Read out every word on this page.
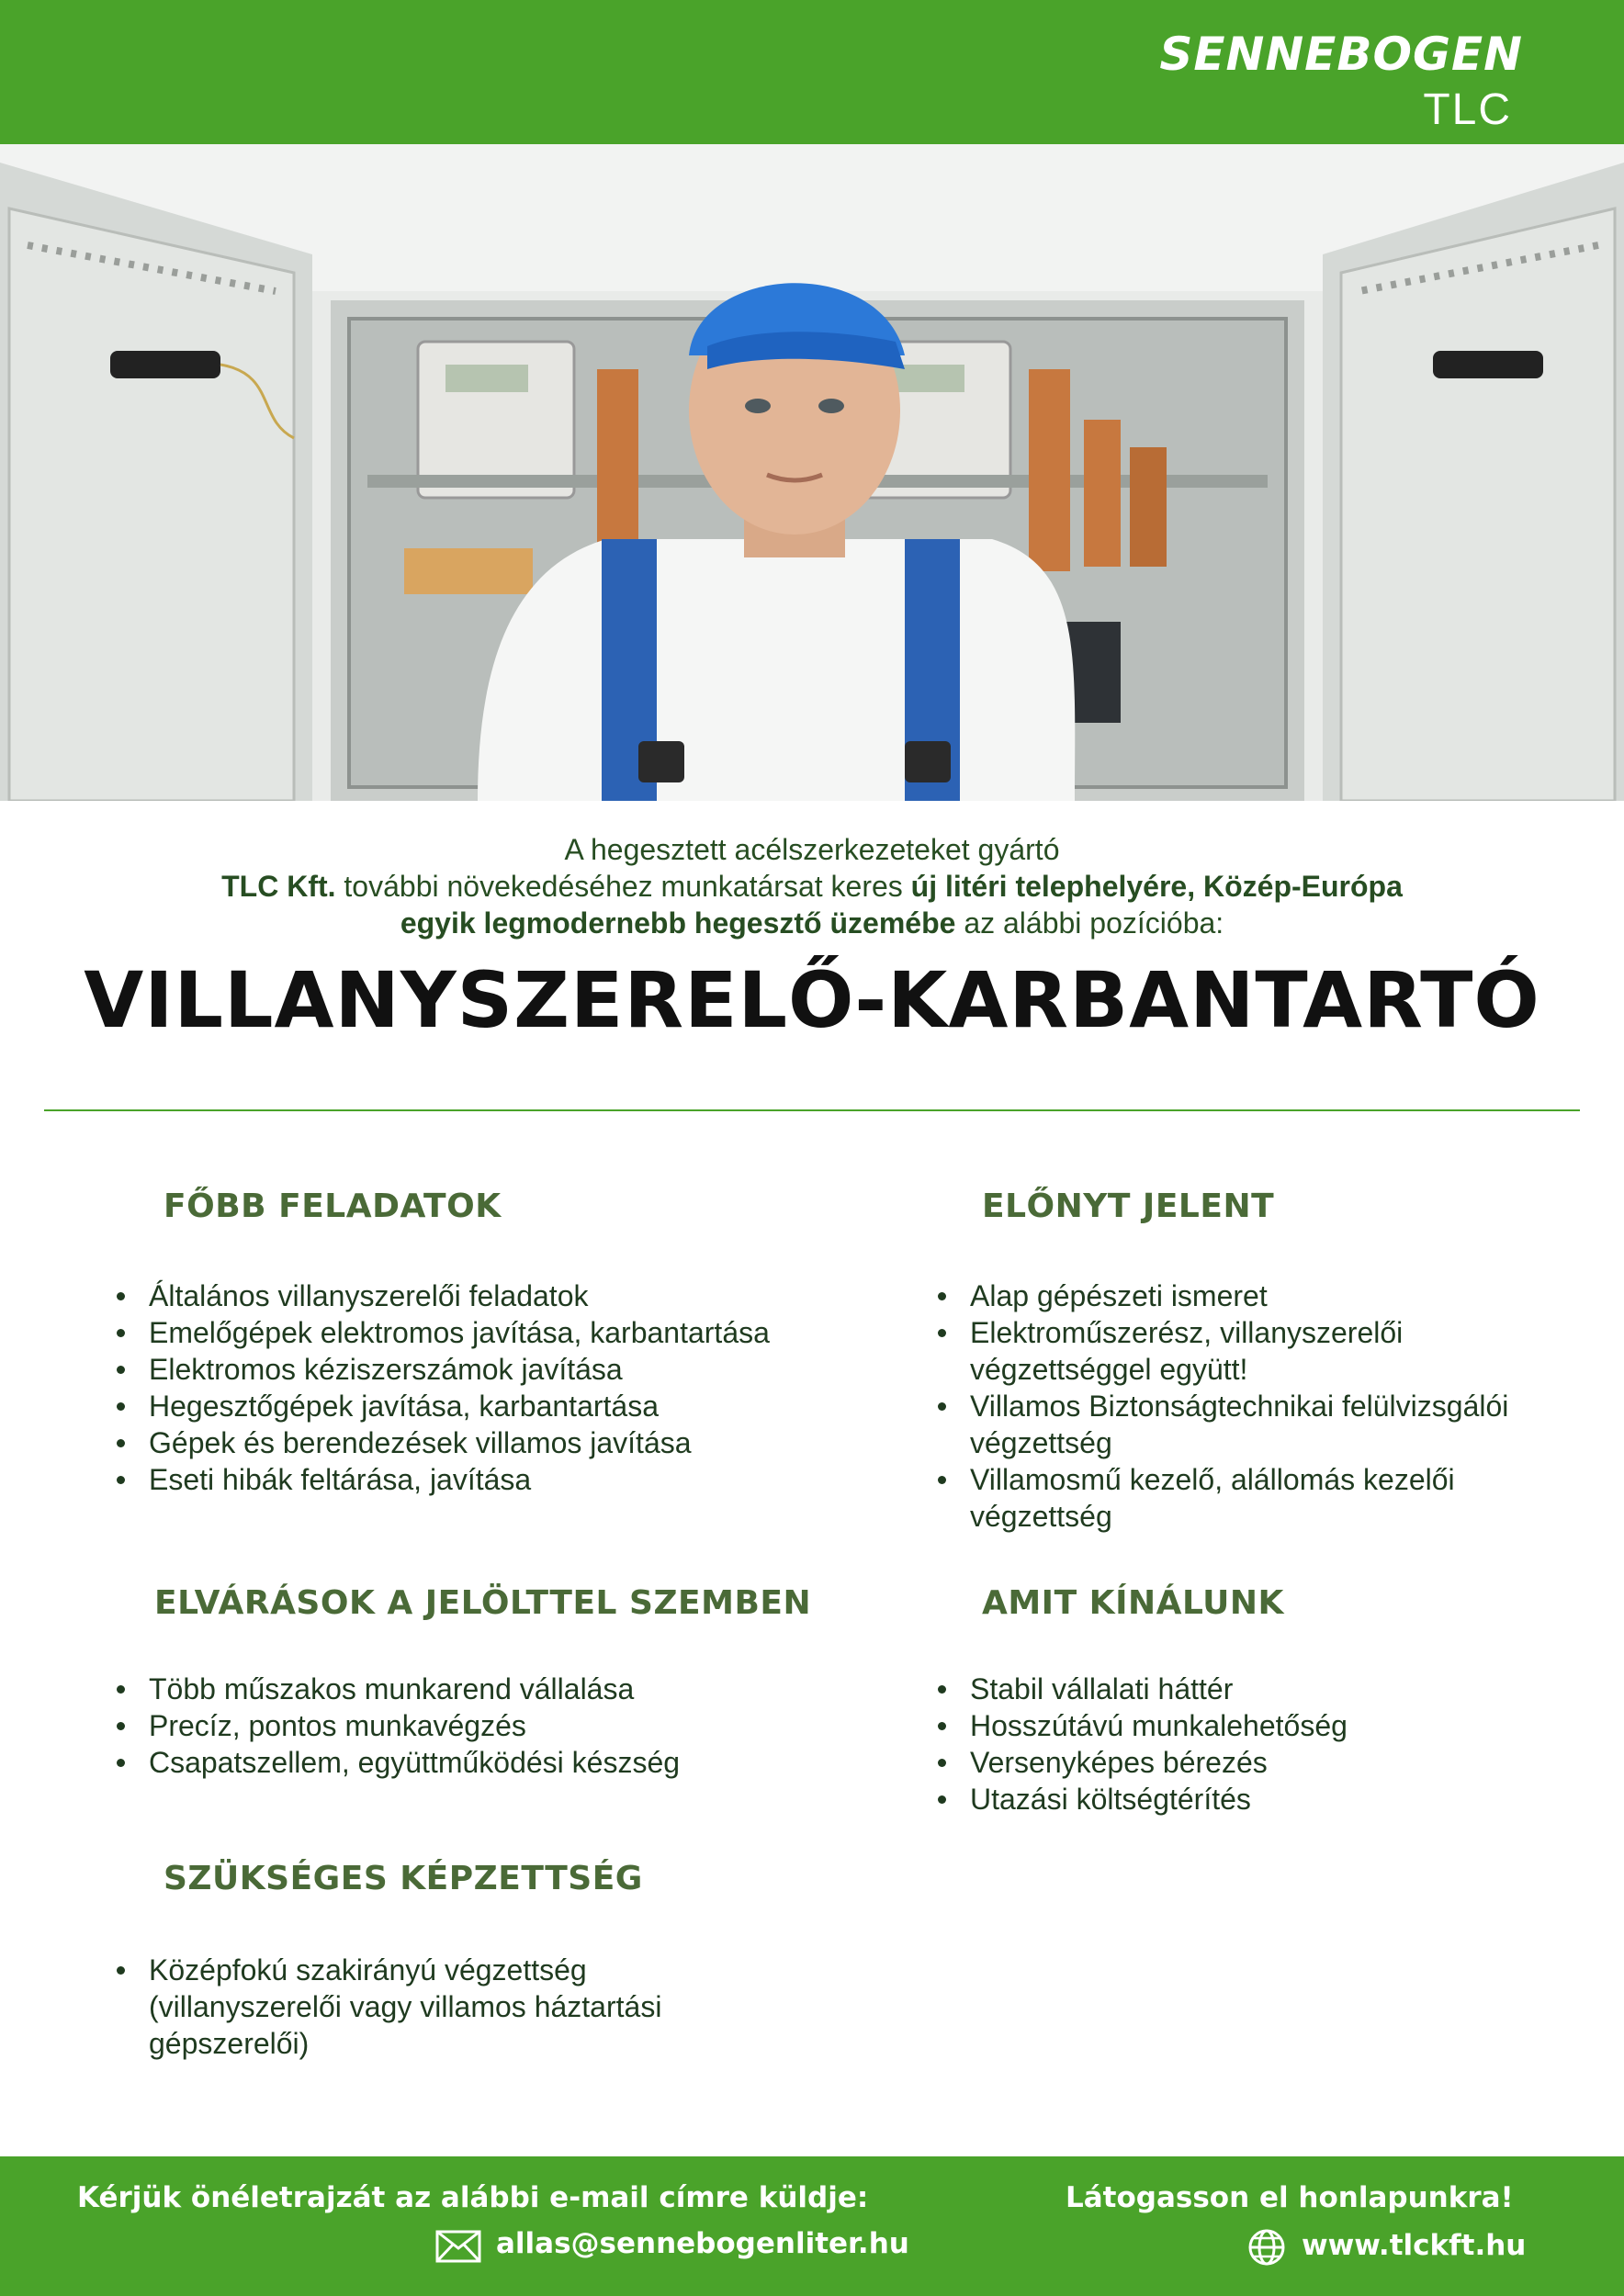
SENNEBOGEN
TLC
A hegesztett acélszerkezeteket gyártó
TLC Kft. további növekedéséhez munkatársat keres új litéri telephelyére, Közép-Európa
egyik legmodernebb hegesztő üzemébe az alábbi pozícióba:
VILLANYSZERELŐ-KARBANTARTÓ
FŐBB FELADATOK
Általános villanyszerelői feladatok
Emelőgépek elektromos javítása, karbantartása
Elektromos kéziszerszámok javítása
Hegesztőgépek javítása, karbantartása
Gépek és berendezések villamos javítása
Eseti hibák feltárása, javítása
ELVÁRÁSOK A JELÖLTTEL SZEMBEN
Több műszakos munkarend vállalása
Precíz, pontos munkavégzés
Csapatszellem, együttműködési készség
SZÜKSÉGES KÉPZETTSÉG
Középfokú szakirányú végzettség (villanyszerelői vagy villamos háztartási gépszerelői)
ELŐNYT JELENT
Alap gépészeti ismeret
Elektroműszerész, villanyszerelői végzettséggel együtt!
Villamos Biztonságtechnikai felülvizsgálói végzettség
Villamosmű kezelő, alállomás kezelői végzettség
AMIT KÍNÁLUNK
Stabil vállalati háttér
Hosszútávú munkalehetőség
Versenyképes bérezés
Utazási költségtérítés
Kérjük önéletrajzát az alábbi e-mail címre küldje:
allas@sennebogenliter.hu
Látogasson el honlapunkra!
www.tlckft.hu
